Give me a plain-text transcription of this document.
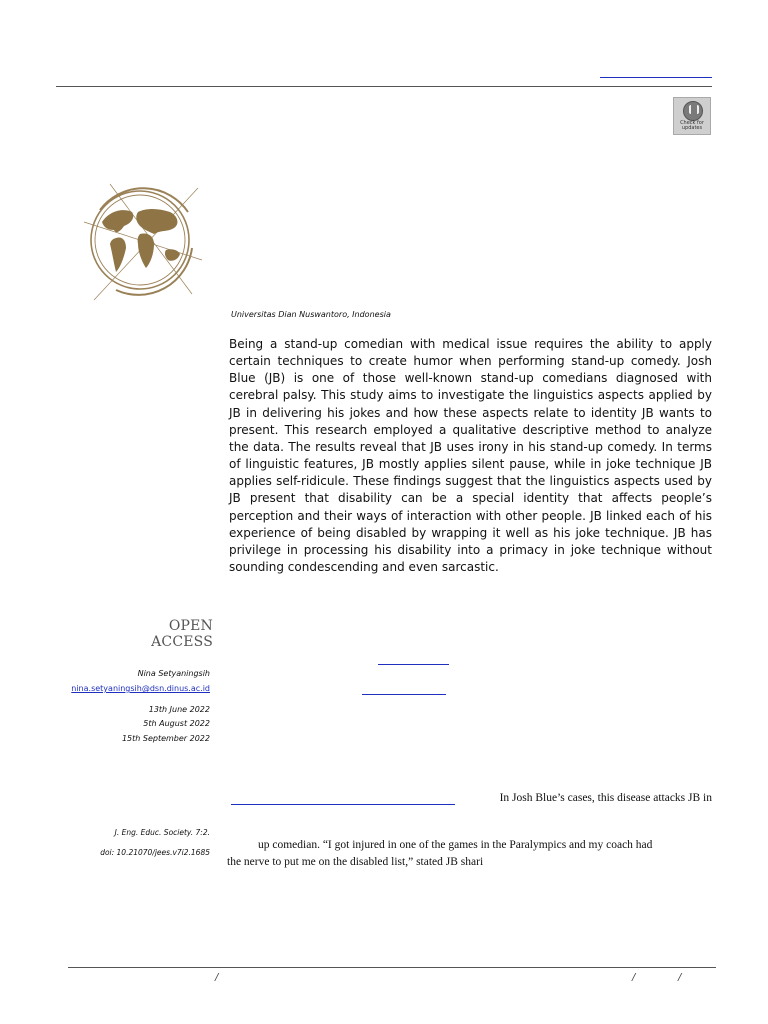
Check for updates
Universitas Dian Nuswantoro, Indonesia
Being a stand-up comedian with medical issue requires the ability to apply certain techniques to create humor when performing stand-up comedy. Josh Blue (JB) is one of those well-known stand-up comedians diagnosed with cerebral palsy. This study aims to investigate the linguistics aspects applied by JB in delivering his jokes and how these aspects relate to identity JB wants to present. This research employed a qualitative descriptive method to analyze the data. The results reveal that JB uses irony in his stand-up comedy. In terms of linguistic features, JB mostly applies silent pause, while in joke technique JB applies self-ridicule. These findings suggest that the linguistics aspects used by JB present that disability can be a special identity that affects people’s perception and their ways of interaction with other people. JB linked each of his experience of being disabled by wrapping it well as his joke technique. JB has privilege in processing his disability into a primacy in joke technique without sounding condescending and even sarcastic.
OPEN ACCESS
Nina Setyaningsih
nina.setyaningsih@dsn.dinus.ac.id
13th June 2022
5th August 2022
15th September 2022
In Josh Blue’s cases, this disease attacks JB in
J. Eng. Educ. Society. 7:2.
doi: 10.21070/jees.v7i2.1685
up comedian. “I got injured in one of the games in the Paralympics and my coach had
the nerve to put me on the disabled list,” stated JB shari
/	/	/
